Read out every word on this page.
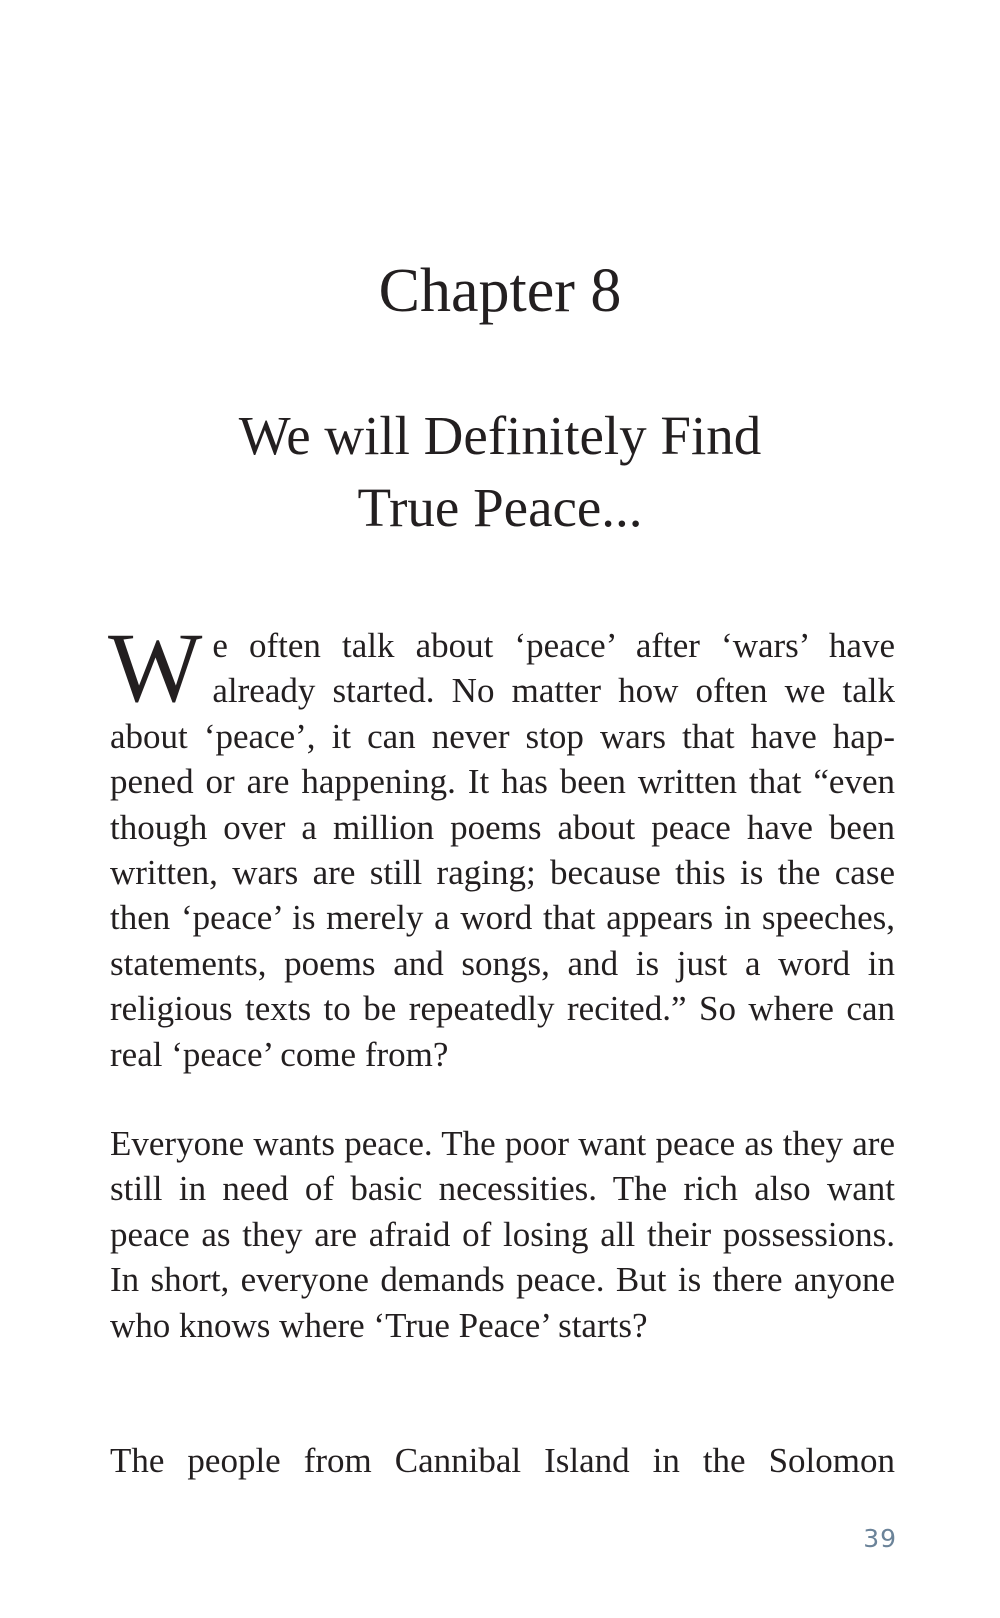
Chapter 8
We will Definitely Find
True Peace...

We often talk about ‘peace’ after ‘wars’ have already started. No matter how often we talk about ‘peace’, it can never stop wars that have happened or are happening. It has been written that “even though over a million poems about peace have been written, wars are still raging; because this is the case then ‘peace’ is merely a word that appears in speeches, statements, poems and songs, and is just a word in religious texts to be repeatedly recited.” So where can real ‘peace’ come from?

Everyone wants peace. The poor want peace as they are still in need of basic necessities. The rich also want peace as they are afraid of losing all their possessions. In short, everyone demands peace. But is there anyone who knows where ‘True Peace’ starts?

The people from Cannibal Island in the Solomon

39
